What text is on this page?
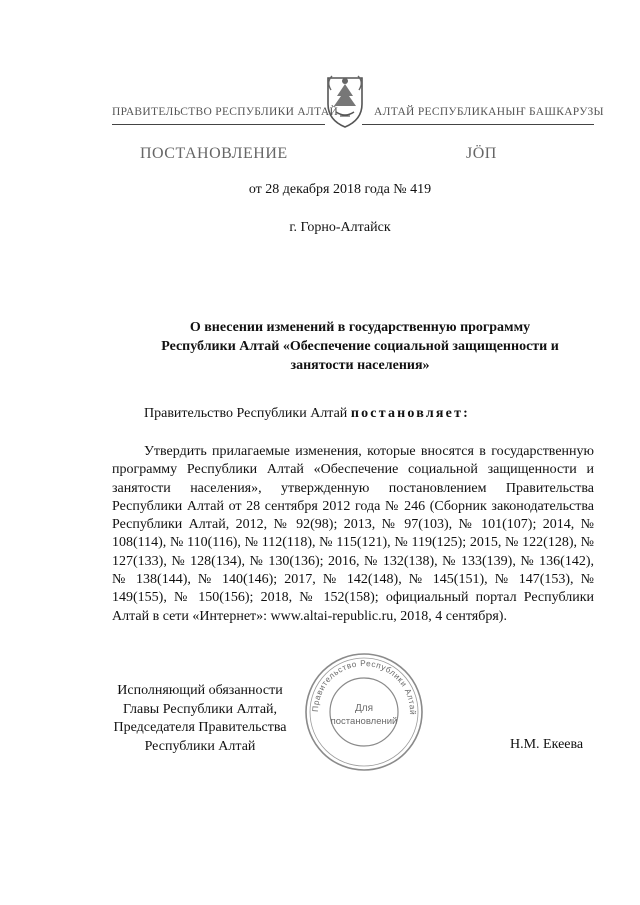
ПРАВИТЕЛЬСТВО РЕСПУБЛИКИ АЛТАЙ	АЛТАЙ РЕСПУБЛИКАНЫҤ БАШКАРУЗЫ
ПОСТАНОВЛЕНИЕ	ЈӦП
от 28 декабря 2018 года № 419
г. Горно-Алтайск
О внесении изменений в государственную программу
Республики Алтай «Обеспечение социальной защищенности и
занятости населения»
Правительство Республики Алтай постановляет:
Утвердить прилагаемые изменения, которые вносятся в государственную программу Республики Алтай «Обеспечение социальной защищенности и занятости населения», утвержденную постановлением Правительства Республики Алтай от 28 сентября 2012 года № 246 (Сборник законодательства Республики Алтай, 2012, № 92(98); 2013, № 97(103), № 101(107); 2014, № 108(114), № 110(116), № 112(118), № 115(121), № 119(125); 2015, № 122(128), № 127(133), № 128(134), № 130(136); 2016, № 132(138), № 133(139), № 136(142), № 138(144), № 140(146); 2017, № 142(148), № 145(151), № 147(153), № 149(155), № 150(156); 2018, № 152(158); официальный портал Республики Алтай в сети «Интернет»: www.altai-republic.ru, 2018, 4 сентября).
Исполняющий обязанности
Главы Республики Алтай,
Председателя Правительства
Республики Алтай	Н.М. Екеева
Правительство Республики Алтай
Для
постановлений
